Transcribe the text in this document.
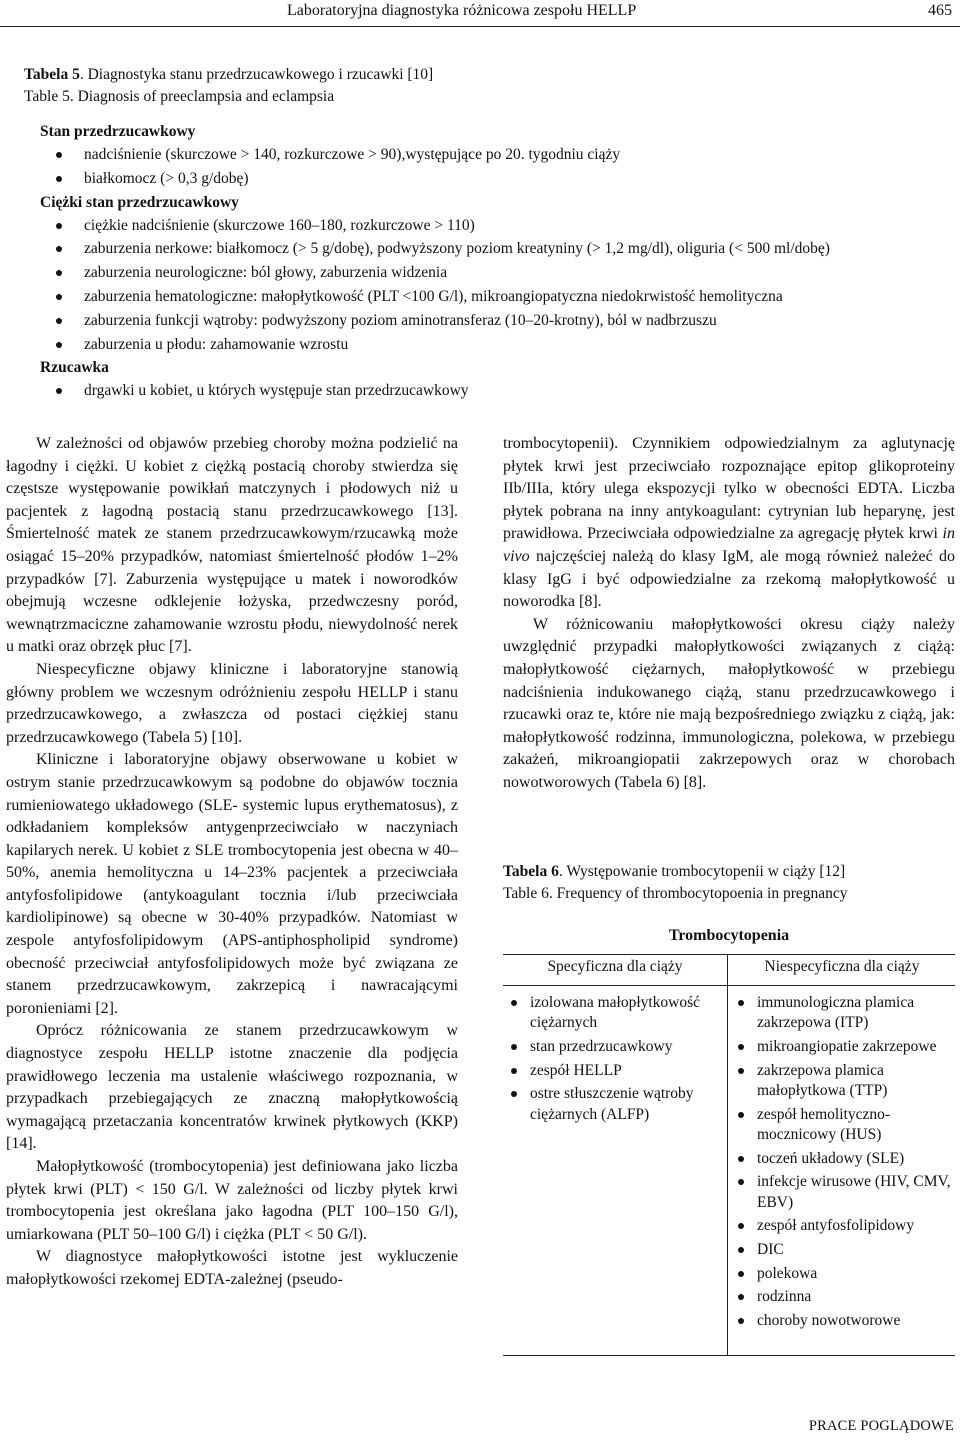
Laboratoryjna diagnostyka różnicowa zespołu HELLP	465
Tabela 5. Diagnostyka stanu przedrzucawkowego i rzucawki [10]
Table 5. Diagnosis of preeclampsia and eclampsia
Stan przedrzucawkowy
nadciśnienie (skurczowe > 140, rozkurczowe > 90),występujące po 20. tygodniu ciąży
białkomocz (> 0,3 g/dobę)
Ciężki stan przedrzucawkowy
ciężkie nadciśnienie (skurczowe 160–180, rozkurczowe > 110)
zaburzenia nerkowe: białkomocz (> 5 g/dobę), podwyższony poziom kreatyniny (> 1,2 mg/dl), oliguria (< 500 ml/dobę)
zaburzenia neurologiczne: ból głowy, zaburzenia widzenia
zaburzenia hematologiczne: małopłytkowość (PLT <100 G/l), mikroangiopatyczna niedokrwistość hemolityczna
zaburzenia funkcji wątroby: podwyższony poziom aminotransferaz (10–20-krotny), ból w nadbrzuszu
zaburzenia u płodu: zahamowanie wzrostu
Rzucawka
drgawki u kobiet, u których występuje stan przedrzucawkowy

W zależności od objawów przebieg choroby można podzielić na łagodny i ciężki. U kobiet z ciężką postacią choroby stwierdza się częstsze występowanie powikłań matczynych i płodowych niż u pacjentek z łagodną postacią stanu przedrzucawkowego [13]. Śmiertelność matek ze stanem przedrzucawkowym/rzucawką może osiągać 15–20% przypadków, natomiast śmiertelność płodów 1–2% przypadków [7]. Zaburzenia występujące u matek i noworodków obejmują wczesne odklejenie łożyska, przedwczesny poród, wewnątrzmaciczne zahamowanie wzrostu płodu, niewydolność nerek u matki oraz obrzęk płuc [7].

Niespecyficzne objawy kliniczne i laboratoryjne stanowią główny problem we wczesnym odróżnieniu zespołu HELLP i stanu przedrzucawkowego, a zwłaszcza od postaci ciężkiej stanu przedrzucawkowego (Tabela 5) [10].

Kliniczne i laboratoryjne objawy obserwowane u kobiet w ostrym stanie przedrzucawkowym są podobne do objawów tocznia rumieniowatego układowego (SLE- systemic lupus erythematosus), z odkładaniem kompleksów antygenprzeciwciało w naczyniach kapilarych nerek. U kobiet z SLE trombocytopenia jest obecna w 40–50%, anemia hemolityczna u 14–23% pacjentek a przeciwciała antyfosfolipidowe (antykoagulant tocznia i/lub przeciwciała kardiolipinowe) są obecne w 30-40% przypadków. Natomiast w zespole antyfosfolipidowym (APS-antiphospholipid syndrome) obecność przeciwciał antyfosfolipidowych może być związana ze stanem przedrzucawkowym, zakrzepicą i nawracającymi poronieniami [2].

Oprócz różnicowania ze stanem przedrzucawkowym w diagnostyce zespołu HELLP istotne znaczenie dla podjęcia prawidłowego leczenia ma ustalenie właściwego rozpoznania, w przypadkach przebiegających ze znaczną małopłytkowością wymagającą przetaczania koncentratów krwinek płytkowych (KKP) [14].

Małopłytkowość (trombocytopenia) jest definiowana jako liczba płytek krwi (PLT) < 150 G/l. W zależności od liczby płytek krwi trombocytopenia jest określana jako łagodna (PLT 100–150 G/l), umiarkowana (PLT 50–100 G/l) i ciężka (PLT < 50 G/l).

W diagnostyce małopłytkowości istotne jest wykluczenie małopłytkowości rzekomej EDTA-zależnej (pseudo-

trombocytopenii). Czynnikiem odpowiedzialnym za aglutynację płytek krwi jest przeciwciało rozpoznające epitop glikoproteiny IIb/IIIa, który ulega ekspozycji tylko w obecności EDTA. Liczba płytek pobrana na inny antykoagulant: cytrynian lub heparynę, jest prawidłowa. Przeciwciała odpowiedzialne za agregację płytek krwi in vivo najczęściej należą do klasy IgM, ale mogą również należeć do klasy IgG i być odpowiedzialne za rzekomą małopłytkowość u noworodka [8].

W różnicowaniu małopłytkowości okresu ciąży należy uwzględnić przypadki małopłytkowości związanych z ciążą: małopłytkowość ciężarnych, małopłytkowość w przebiegu nadciśnienia indukowanego ciążą, stanu przedrzucawkowego i rzucawki oraz te, które nie mają bezpośredniego związku z ciążą, jak: małopłytkowość rodzinna, immunologiczna, polekowa, w przebiegu zakażeń, mikroangiopatii zakrzepowych oraz w chorobach nowotworowych (Tabela 6) [8].

Tabela 6. Występowanie trombocytopenii w ciąży [12]
Table 6. Frequency of thrombocytopoenia in pregnancy
Trombocytopenia
Specyficzna dla ciąży	Niespecyficzna dla ciąży
izolowana małopłytkowość ciężarnych
stan przedrzucawkowy
zespół HELLP
ostre stłuszczenie wątroby ciężarnych (ALFP)
immunologiczna plamica zakrzepowa (ITP)
mikroangiopatie zakrzepowe
zakrzepowa plamica małopłytkowa (TTP)
zespół hemolityczno-mocznicowy (HUS)
toczeń układowy (SLE)
infekcje wirusowe (HIV, CMV, EBV)
zespół antyfosfolipidowy
DIC
polekowa
rodzinna
choroby nowotworowe
PRACE POGLĄDOWE
